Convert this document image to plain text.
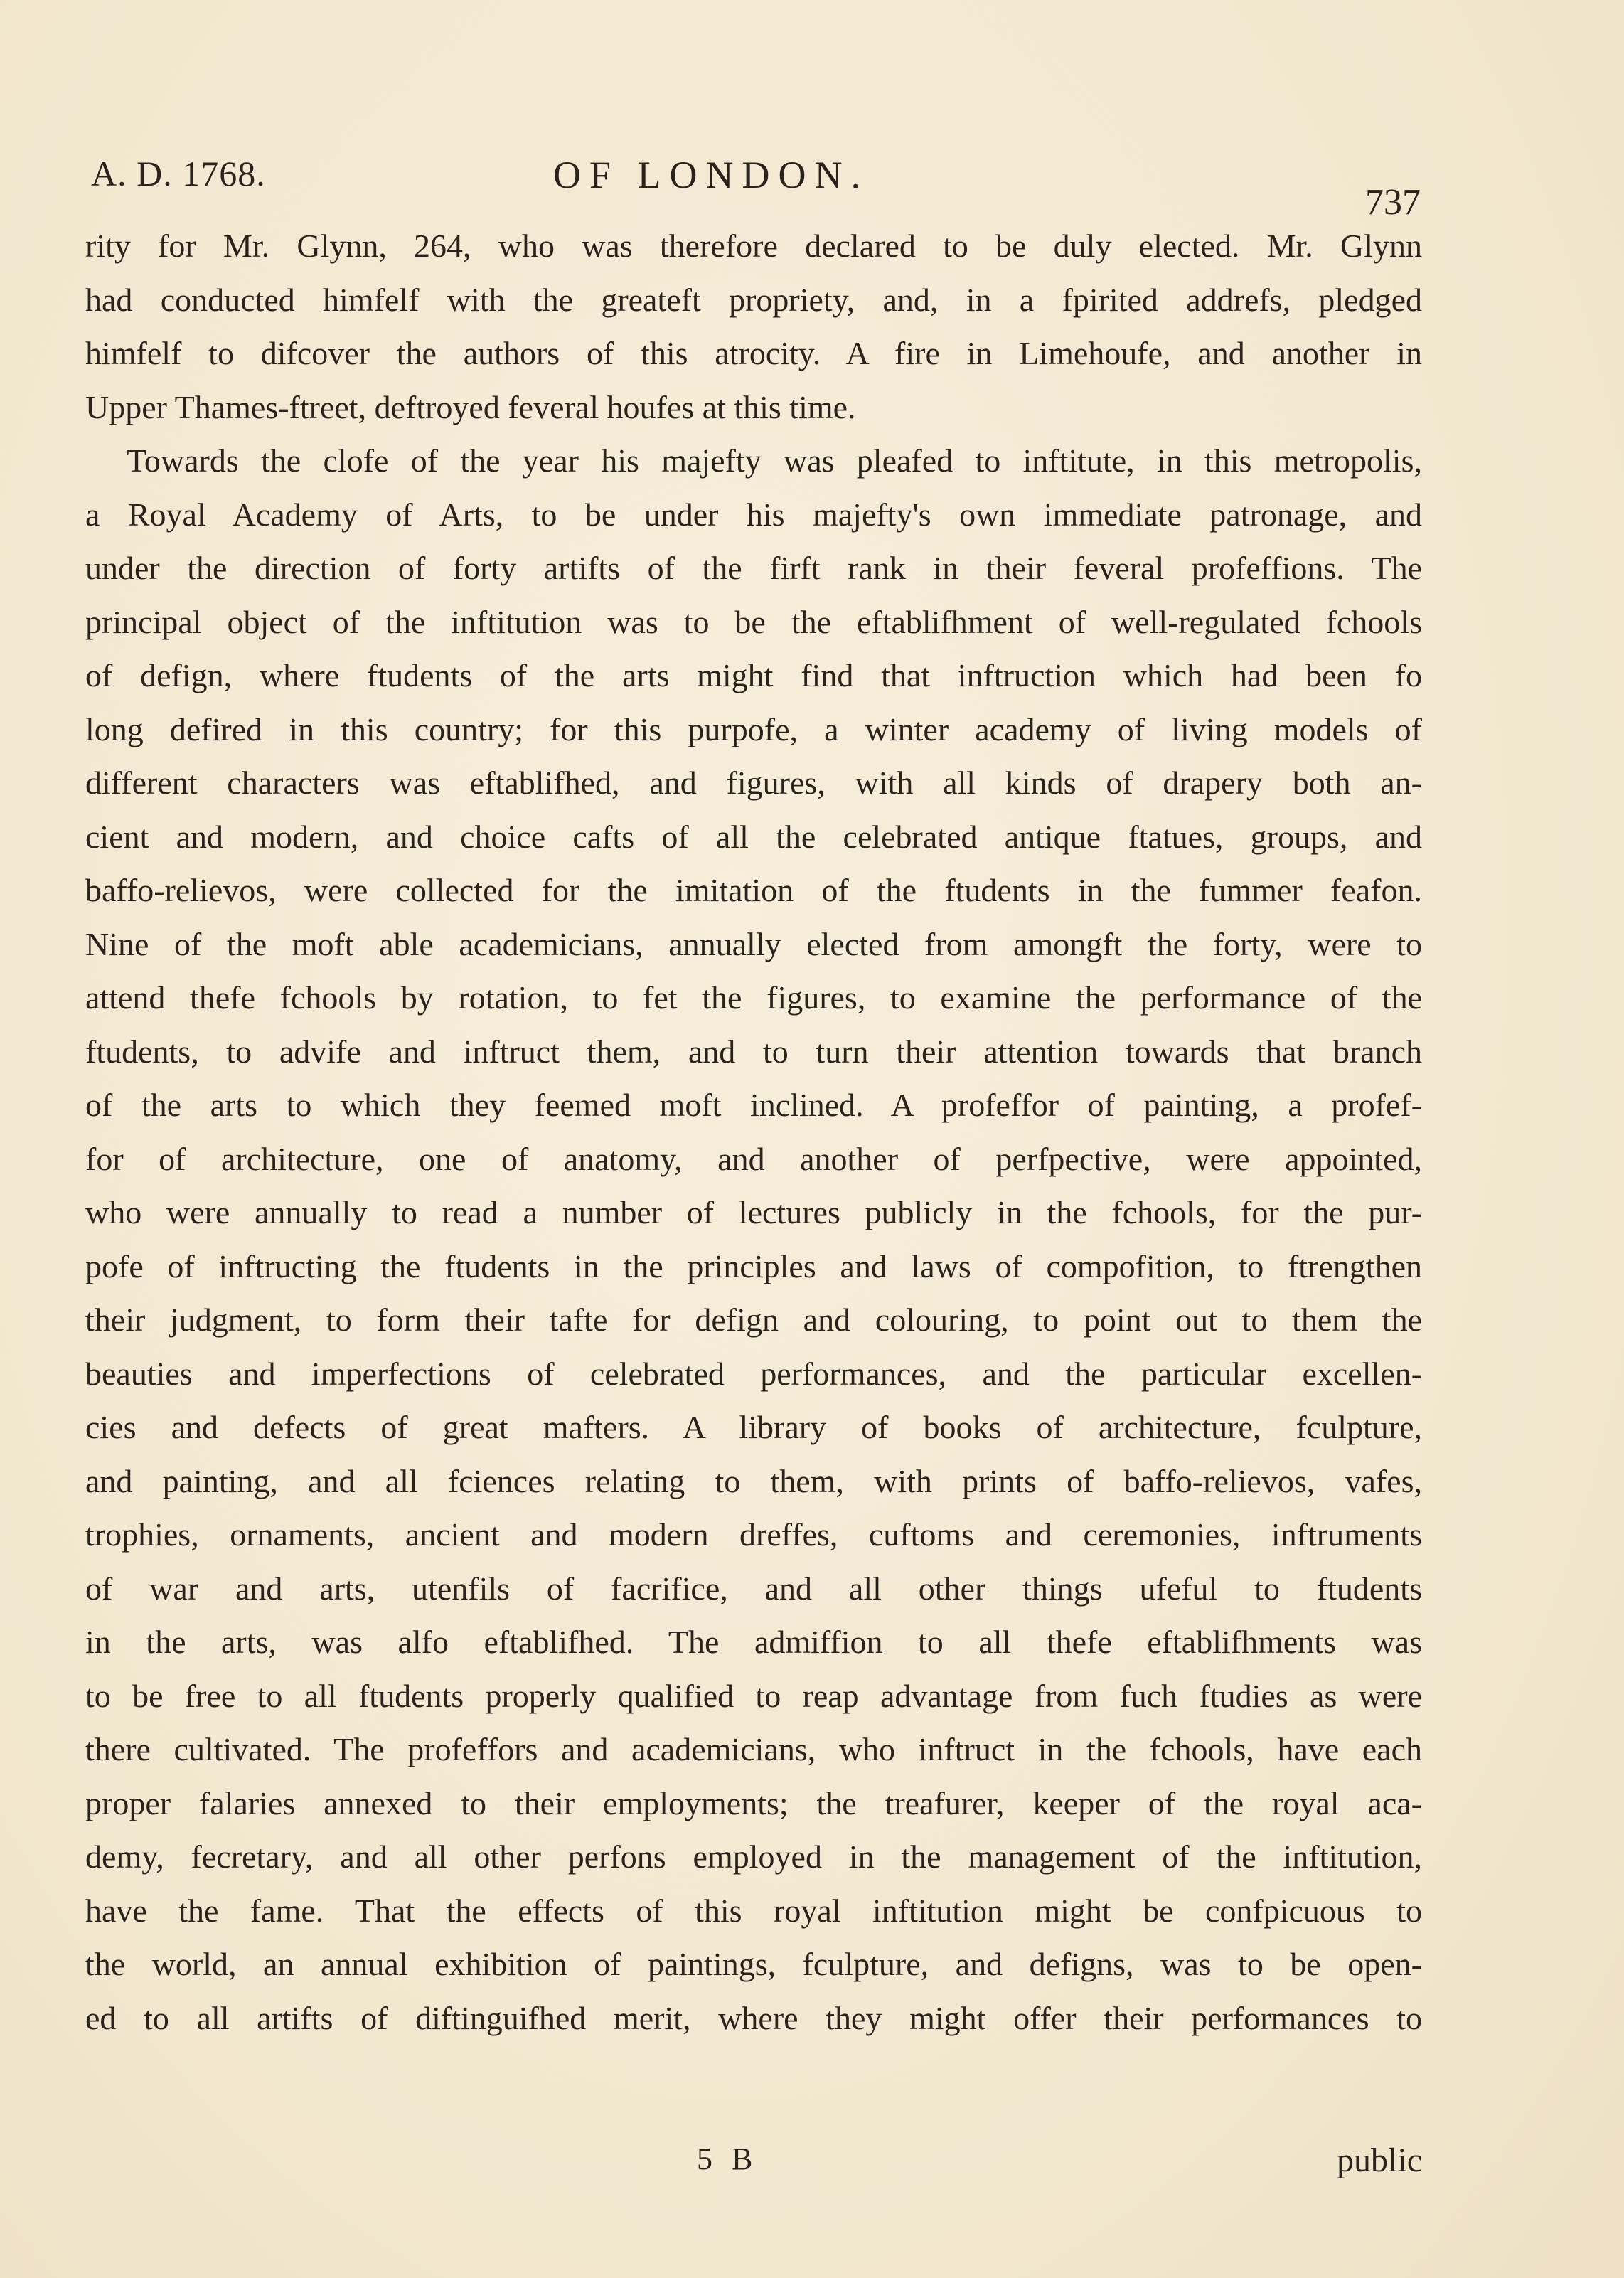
A. D. 1768.	OF LONDON.
737
rity for Mr. Glynn, 264, who was therefore declared to be duly elected. Mr. Glynn
had conducted himfelf with the greateft propriety, and, in a fpirited addrefs, pledged
himfelf to difcover the authors of this atrocity. A fire in Limehoufe, and another in
Upper Thames-ftreet, deftroyed feveral houfes at this time.
Towards the clofe of the year his majefty was pleafed to inftitute, in this metropolis,
a Royal Academy of Arts, to be under his majefty's own immediate patronage, and
under the direction of forty artifts of the firft rank in their feveral profeffions. The
principal object of the inftitution was to be the eftablifhment of well-regulated fchools
of defign, where ftudents of the arts might find that inftruction which had been fo
long defired in this country; for this purpofe, a winter academy of living models of
different characters was eftablifhed, and figures, with all kinds of drapery both an-
cient and modern, and choice cafts of all the celebrated antique ftatues, groups, and
baffo-relievos, were collected for the imitation of the ftudents in the fummer feafon.
Nine of the moft able academicians, annually elected from amongft the forty, were to
attend thefe fchools by rotation, to fet the figures, to examine the performance of the
ftudents, to advife and inftruct them, and to turn their attention towards that branch
of the arts to which they feemed moft inclined. A profeffor of painting, a profef-
for of architecture, one of anatomy, and another of perfpective, were appointed,
who were annually to read a number of lectures publicly in the fchools, for the pur-
pofe of inftructing the ftudents in the principles and laws of compofition, to ftrengthen
their judgment, to form their tafte for defign and colouring, to point out to them the
beauties and imperfections of celebrated performances, and the particular excellen-
cies and defects of great mafters. A library of books of architecture, fculpture,
and painting, and all fciences relating to them, with prints of baffo-relievos, vafes,
trophies, ornaments, ancient and modern dreffes, cuftoms and ceremonies, inftruments
of war and arts, utenfils of facrifice, and all other things ufeful to ftudents
in the arts, was alfo eftablifhed. The admiffion to all thefe eftablifhments was
to be free to all ftudents properly qualified to reap advantage from fuch ftudies as were
there cultivated. The profeffors and academicians, who inftruct in the fchools, have each
proper falaries annexed to their employments; the treafurer, keeper of the royal aca-
demy, fecretary, and all other perfons employed in the management of the inftitution,
have the fame. That the effects of this royal inftitution might be confpicuous to
the world, an annual exhibition of paintings, fculpture, and defigns, was to be open-
ed to all artifts of diftinguifhed merit, where they might offer their performances to
5 B	public
